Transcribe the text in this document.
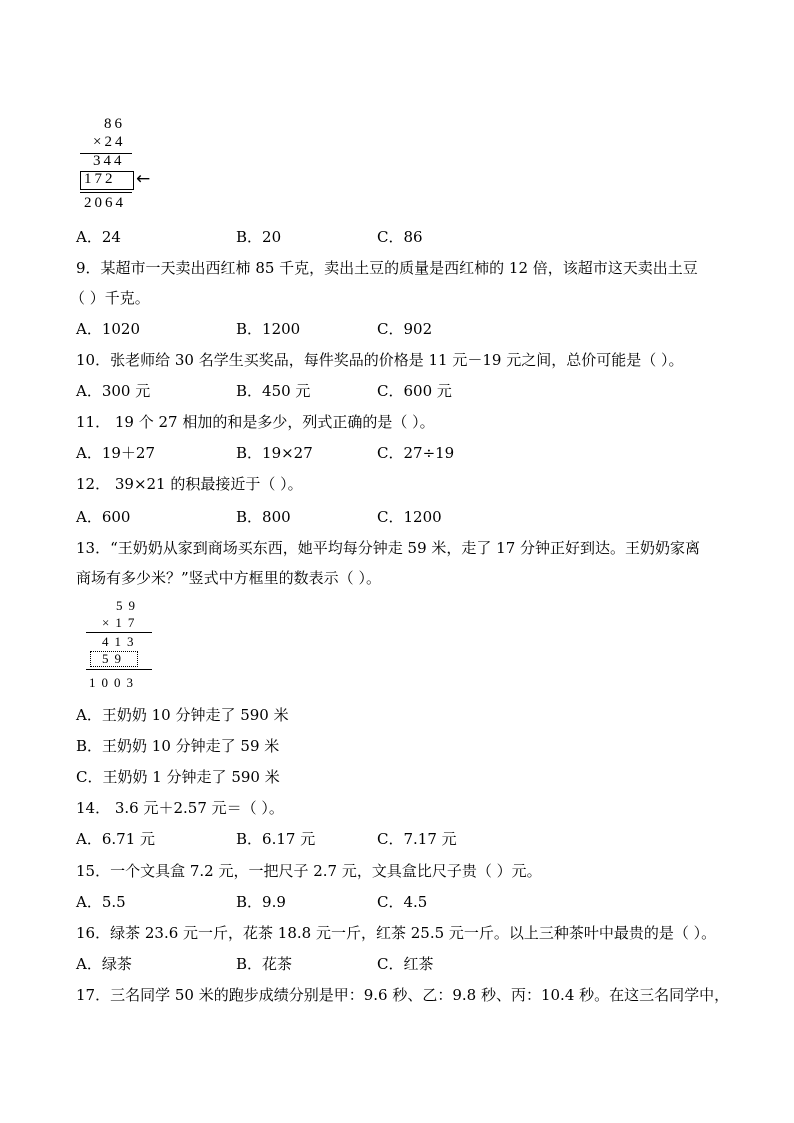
86
×24
344
172 ←
2064
A．24	B．20	C．86
9．某超市一天卖出西红柿 85 千克，卖出土豆的质量是西红柿的 12 倍，该超市这天卖出土豆
（ ）千克。
A．1020	B．1200	C．902
10．张老师给 30 名学生买奖品，每件奖品的价格是 11 元－19 元之间，总价可能是（ ）。
A．300 元	B．450 元	C．600 元
11． 19 个 27 相加的和是多少，列式正确的是（ ）。
A．19＋27	B．19×27	C．27÷19
12． 39×21 的积最接近于（ ）。
A．600	B．800	C．1200
13．“王奶奶从家到商场买东西，她平均每分钟走 59 米，走了 17 分钟正好到达。王奶奶家离
商场有多少米？”竖式中方框里的数表示（ ）。
59
×17
413
59
1003
A．王奶奶 10 分钟走了 590 米
B．王奶奶 10 分钟走了 59 米
C．王奶奶 1 分钟走了 590 米
14． 3.6 元＋2.57 元＝（ ）。
A．6.71 元	B．6.17 元	C．7.17 元
15．一个文具盒 7.2 元，一把尺子 2.7 元，文具盒比尺子贵（ ）元。
A．5.5	B．9.9	C．4.5
16．绿茶 23.6 元一斤，花茶 18.8 元一斤，红茶 25.5 元一斤。以上三种茶叶中最贵的是（ ）。
A．绿茶	B．花茶	C．红茶
17．三名同学 50 米的跑步成绩分别是甲：9.6 秒、乙：9.8 秒、丙：10.4 秒。在这三名同学中，
